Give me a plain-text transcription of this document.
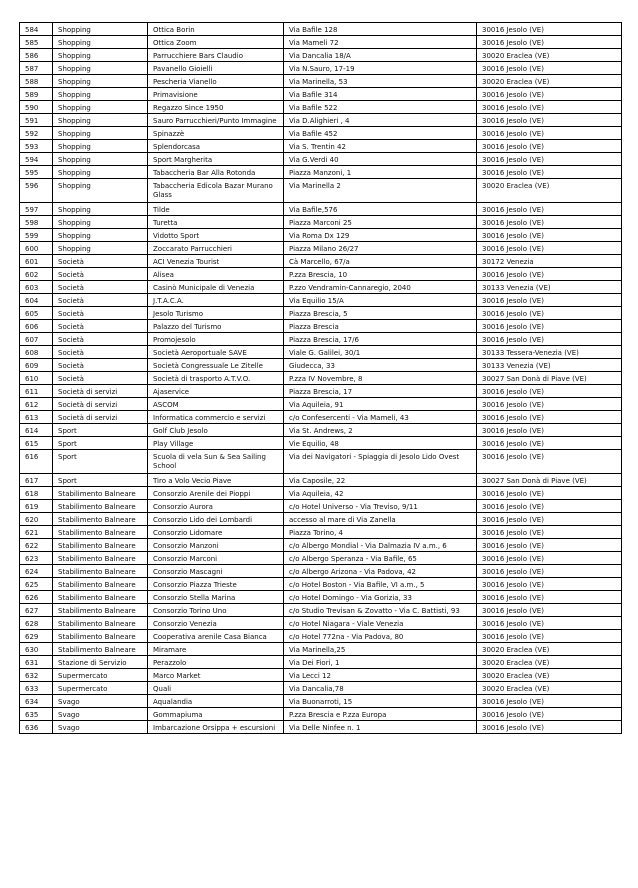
584	Shopping	Ottica Borin	Via Bafile 128	30016 Jesolo (VE)
585	Shopping	Ottica Zoom	Via Mameli 72	30016 Jesolo (VE)
586	Shopping	Parrucchiere Bars Claudio	Via Dancalia 18/A	30020 Eraclea (VE)
587	Shopping	Pavanello Gioielli	Via N.Sauro, 17-19	30016 Jesolo (VE)
588	Shopping	Pescheria Vianello	Via Marinella, 53	30020 Eraclea (VE)
589	Shopping	Primavisione	Via Bafile 314	30016 Jesolo (VE)
590	Shopping	Regazzo Since 1950	Via Bafile 522	30016 Jesolo (VE)
591	Shopping	Sauro Parrucchieri/Punto Immagine	Via D.Alighieri , 4	30016 Jesolo (VE)
592	Shopping	Spinazzè	Via Bafile 452	30016 Jesolo (VE)
593	Shopping	Splendorcasa	Via S. Trentin 42	30016 Jesolo (VE)
594	Shopping	Sport Margherita	Via G.Verdi 40	30016 Jesolo (VE)
595	Shopping	Tabaccheria Bar Alla Rotonda	Piazza Manzoni, 1	30016 Jesolo (VE)
596	Shopping	Tabaccheria Edicola Bazar Murano Glass	Via Marinella 2	30020 Eraclea (VE)
597	Shopping	Tilde	Via Bafile,576	30016 Jesolo (VE)
598	Shopping	Turetta	Piazza Marconi 25	30016 Jesolo (VE)
599	Shopping	Vidotto Sport	Via Roma Dx 129	30016 Jesolo (VE)
600	Shopping	Zoccarato Parrucchieri	Piazza Milano 26/27	30016 Jesolo (VE)
601	Società	ACI Venezia Tourist	Cà Marcello, 67/a	30172 Venezia
602	Società	Alisea	P.zza Brescia, 10	30016 Jesolo (VE)
603	Società	Casinò Municipale di Venezia	P.zzo Vendramin-Cannaregio, 2040	30133 Venezia (VE)
604	Società	J.T.A.C.A.	Via Equilio 15/A	30016 Jesolo (VE)
605	Società	Jesolo Turismo	Piazza Brescia, 5	30016 Jesolo (VE)
606	Società	Palazzo del Turismo	Piazza Brescia	30016 Jesolo (VE)
607	Società	Promojesolo	Piazza Brescia, 17/6	30016 Jesolo (VE)
608	Società	Società Aeroportuale SAVE	Viale G. Galilei, 30/1	30133 Tessera-Venezia (VE)
609	Società	Società Congressuale Le Zitelle	Giudecca, 33	30133 Venezia (VE)
610	Società	Società di trasporto A.T.V.O.	P.zza IV Novembre, 8	30027 San Donà di Piave (VE)
611	Società di servizi	Ajaservice	Piazza Brescia, 17	30016 Jesolo (VE)
612	Società di servizi	ASCOM	Via Aquileia, 91	30016 Jesolo (VE)
613	Società di servizi	Informatica commercio e servizi	c/o Confesercenti - Via Mameli, 43	30016 Jesolo (VE)
614	Sport	Golf Club Jesolo	Via St. Andrews, 2	30016 Jesolo (VE)
615	Sport	Play Village	Vie Equilio, 48	30016 Jesolo (VE)
616	Sport	Scuola di vela Sun & Sea Sailing School	Via dei Navigatori - Spiaggia di Jesolo Lido Ovest	30016 Jesolo (VE)
617	Sport	Tiro a Volo Vecio Piave	Via Caposile, 22	30027 San Donà di Piave (VE)
618	Stabilimento Balneare	Consorzio Arenile dei Pioppi	Via Aquileia, 42	30016 Jesolo (VE)
619	Stabilimento Balneare	Consorzio Aurora	c/o Hotel Universo - Via Treviso, 9/11	30016 Jesolo (VE)
620	Stabilimento Balneare	Consorzio Lido dei Lombardi	accesso al mare di Via Zanella	30016 Jesolo (VE)
621	Stabilimento Balneare	Consorzio Lidomare	Piazza Torino, 4	30016 Jesolo (VE)
622	Stabilimento Balneare	Consorzio Manzoni	c/o Albergo Mondial - Via Dalmazia IV a.m., 6	30016 Jesolo (VE)
623	Stabilimento Balneare	Consorzio Marconi	c/o Albergo Speranza - Via Bafile, 65	30016 Jesolo (VE)
624	Stabilimento Balneare	Consorzio Mascagni	c/o Albergo Arizona - Via Padova, 42	30016 Jesolo (VE)
625	Stabilimento Balneare	Consorzio Piazza Trieste	c/o Hotel Boston - Via Bafile, VI a.m., 5	30016 Jesolo (VE)
626	Stabilimento Balneare	Consorzio Stella Marina	c/o Hotel Domingo - Via Gorizia, 33	30016 Jesolo (VE)
627	Stabilimento Balneare	Consorzio Torino Uno	c/o Studio Trevisan & Zovatto - Via C. Battisti, 93	30016 Jesolo (VE)
628	Stabilimento Balneare	Consorzio Venezia	c/o Hotel Niagara - Viale Venezia	30016 Jesolo (VE)
629	Stabilimento Balneare	Cooperativa arenile Casa Bianca	c/o Hotel 772na - Via Padova, 80	30016 Jesolo (VE)
630	Stabilimento Balneare	Miramare	Via Marinella,25	30020 Eraclea (VE)
631	Stazione di Servizio	Perazzolo	Via Dei Fiori, 1	30020 Eraclea (VE)
632	Supermercato	Marco Market	Via Lecci 12	30020 Eraclea (VE)
633	Supermercato	Quali	Via Dancalia,78	30020 Eraclea (VE)
634	Svago	Aqualandia	Via Buonarroti, 15	30016 Jesolo (VE)
635	Svago	Gommapiuma	P.zza Brescia e P.zza Europa	30016 Jesolo (VE)
636	Svago	Imbarcazione Orsippa + escursioni	Via Delle Ninfee n. 1	30016 Jesolo (VE)
